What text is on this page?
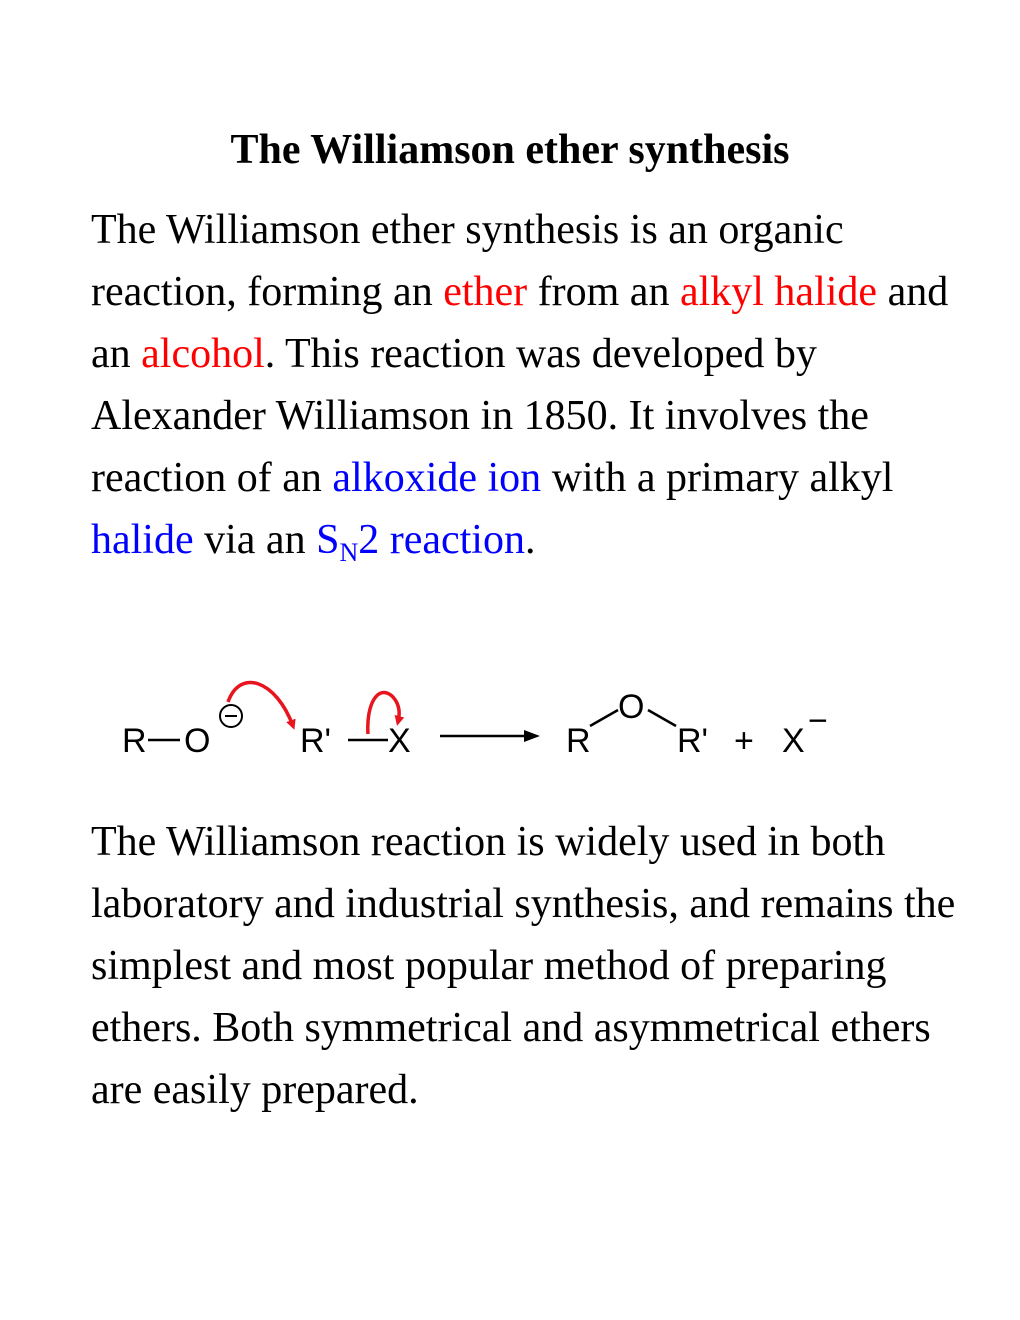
The Williamson ether synthesis
The Williamson ether synthesis is an organic reaction, forming an ether from an alkyl halide and an alcohol. This reaction was developed by Alexander Williamson in 1850. It involves the reaction of an alkoxide ion with a primary alkyl halide via an $S_N2$ reaction.
R O	R' X	R
O
R' + X
−
The Williamson reaction is widely used in both laboratory and industrial synthesis, and remains the simplest and most popular method of preparing ethers. Both symmetrical and asymmetrical ethers are easily prepared.
